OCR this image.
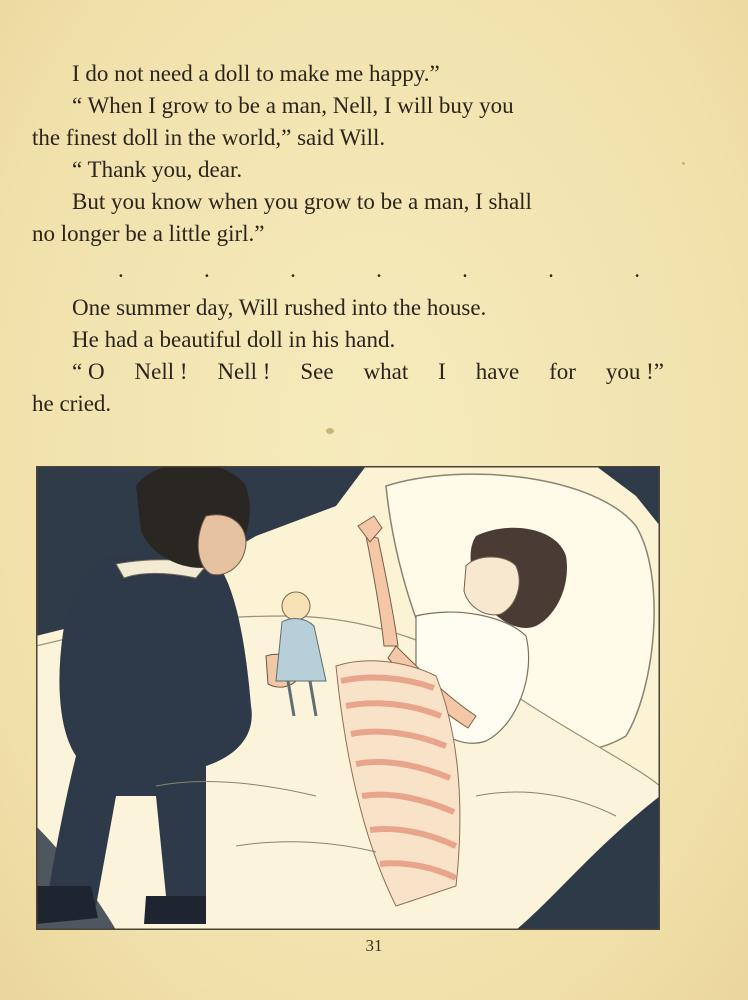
I do not need a doll to make me happy.”

“ When I grow to be a man, Nell, I will buy you

the finest doll in the world,” said Will.

“ Thank you, dear.

But you know when you grow to be a man, I shall

no longer be a little girl.”

.	.	.	.	.	.	.

One summer day, Will rushed into the house.

He had a beautiful doll in his hand.

“ O Nell ! Nell ! See what I have for you !”

he cried.

31
